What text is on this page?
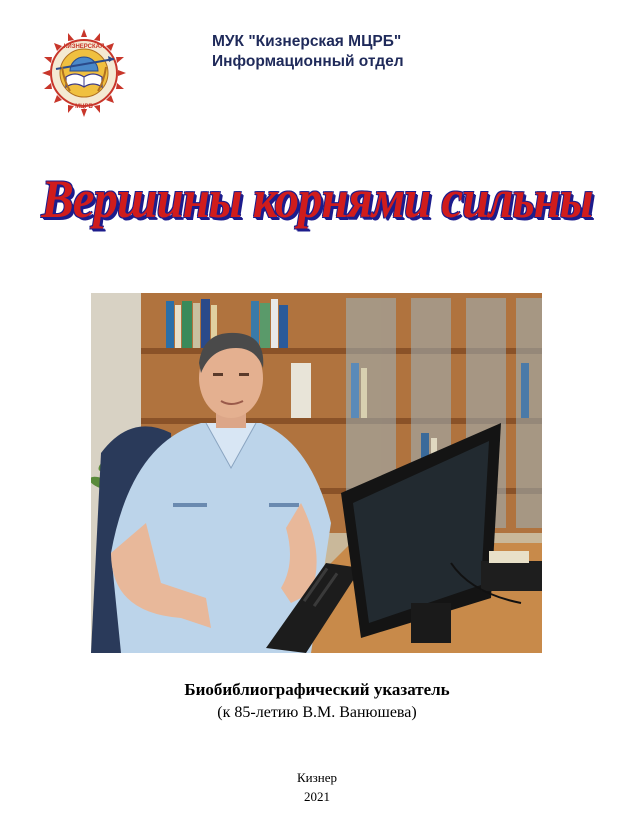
КИЗНЕРСКАЯ
МЦРБ
МУК "Кизнерская МЦРБ"
Информационный отдел
Вершины корнями сильны
Биобиблиографический указатель
(к 85-летию В.М. Ванюшева)
Кизнер
2021
